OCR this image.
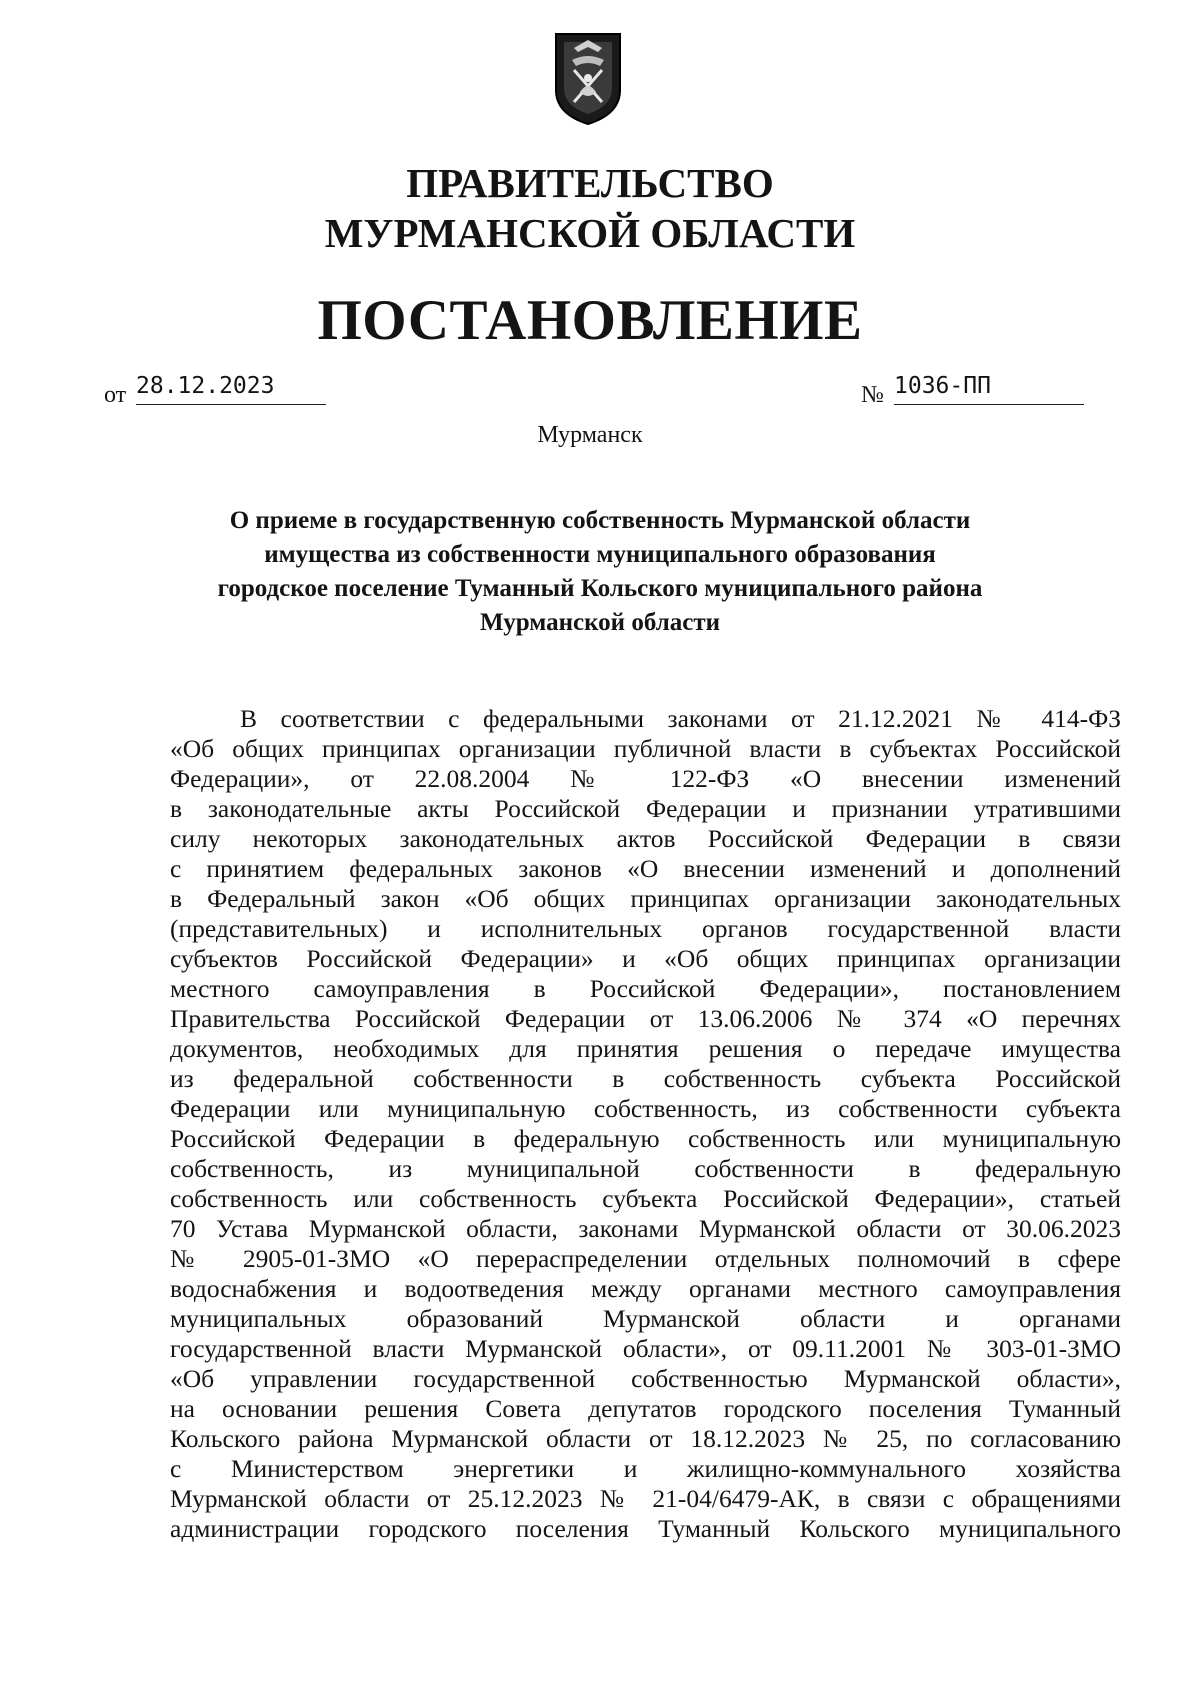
ПРАВИТЕЛЬСТВО
МУРМАНСКОЙ ОБЛАСТИ
ПОСТАНОВЛЕНИЕ
от 28.12.2023	№ 1036-ПП
Мурманск
О приеме в государственную собственность Мурманской области
имущества из собственности муниципального образования
городское поселение Туманный Кольского муниципального района
Мурманской области
В соответствии с федеральными законами от 21.12.2021 № 414-ФЗ
«Об общих принципах организации публичной власти в субъектах Российской
Федерации», от 22.08.2004 № 122-ФЗ «О внесении изменений
в законодательные акты Российской Федерации и признании утратившими
силу некоторых законодательных актов Российской Федерации в связи
с принятием федеральных законов «О внесении изменений и дополнений
в Федеральный закон «Об общих принципах организации законодательных
(представительных) и исполнительных органов государственной власти
субъектов Российской Федерации» и «Об общих принципах организации
местного самоуправления в Российской Федерации», постановлением
Правительства Российской Федерации от 13.06.2006 № 374 «О перечнях
документов, необходимых для принятия решения о передаче имущества
из федеральной собственности в собственность субъекта Российской
Федерации или муниципальную собственность, из собственности субъекта
Российской Федерации в федеральную собственность или муниципальную
собственность, из муниципальной собственности в федеральную
собственность или собственность субъекта Российской Федерации», статьей
70 Устава Мурманской области, законами Мурманской области от 30.06.2023
№ 2905-01-ЗМО «О перераспределении отдельных полномочий в сфере
водоснабжения и водоотведения между органами местного самоуправления
муниципальных образований Мурманской области и органами
государственной власти Мурманской области», от 09.11.2001 № 303-01-ЗМО
«Об управлении государственной собственностью Мурманской области»,
на основании решения Совета депутатов городского поселения Туманный
Кольского района Мурманской области от 18.12.2023 № 25, по согласованию
с Министерством энергетики и жилищно-коммунального хозяйства
Мурманской области от 25.12.2023 № 21-04/6479-АК, в связи с обращениями
администрации городского поселения Туманный Кольского муниципального
